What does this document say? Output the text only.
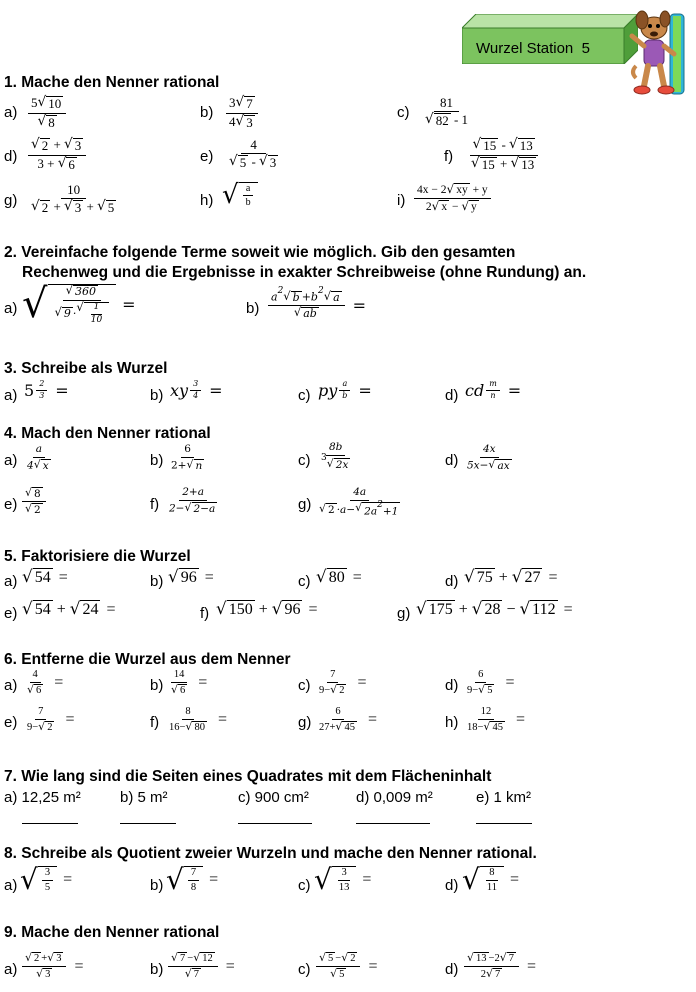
Wurzel Station  5
1. Mache den Nenner rational
$a) \frac{5 √ 10}{√ 8}$	$b) \frac{3 √ 7}{4 √ 3}$	$c) \frac{81}{√ 82 - 1}$
$d) \frac{√ 2 + √ 3}{3 + √ 6}$	$e) \frac{4}{√ 5 - √ 3}$	$f) \frac{√ 15 - √ 13}{√ 15 + √ 13}$
$g) \frac{10}{√ 2 + √ 3 + √ 5}$	h) √ $\frac{a}{b}$	$i) \frac{4x - 2 √ xy + y}{2 √ x - √ y}$
2. Vereinfache folgende Terme soweit wie möglich. Gib den gesamten
Rechenweg und die Ergebnisse in exakter Schreibweise (ohne Rundung) an.
a) √ $\frac{√ 360}{√ 9 \cdot √ \frac{1}{10}}$ =	$b) \frac{a^2 √ b +b^2 √ a}{√ ab}$ =
3. Schreibe als Wurzel
a) $5 \frac{2}{3}$ =	b) xy $\frac{3}{4}$ =	c) py $\frac{a}{b}$ =	d) cd $\frac{m}{n}$ =
4. Mach den Nenner rational
$a) \frac{a}{4 √ x}$	$b) \frac{6}{2+ √ n}$	$c) \frac{8b}{^3 √ 2x}$	$d) \frac{4x}{5x- √ ax}$
$e) \frac{√ 8}{√ 2}$	$f) \frac{2+a}{2- √ 2-a}$	$g) \frac{4a}{√ 2 \cdot a- √ 2a^2+1}$
5. Faktorisiere die Wurzel
a) √ 54 =	b) √ 96 =	c) √ 80 =	d) √ 75 + √ 27 =
e) √ 54 + √ 24 =	f) √ 150 + √ 96 =	g) √ 175 + √ 28 − √ 112 =
6. Entferne die Wurzel aus dem Nenner
$a) \frac{4}{√ 6}$ =	$b) \frac{14}{√ 6}$ =	$c) \frac{7}{9- √ 2}$ =	$d) \frac{6}{9- √ 5}$ =
$e) \frac{7}{9- √ 2}$ =	$f) \frac{8}{16- √ 80}$ =	$g) \frac{6}{27+ √ 45}$ =	$h) \frac{12}{18- √ 45}$ =
7. Wie lang sind die Seiten eines Quadrates mit dem Flächeninhalt
a) 12,25 m²	b) 5 m²	c) 900 cm²	d) 0,009 m²	e) 1 km²
8. Schreibe als Quotient zweier Wurzeln und mache den Nenner rational.
a) √ $\frac{3}{5}$ =	b) √ $\frac{7}{8}$ =	c) √ $\frac{3}{13}$ =	d) √ $\frac{8}{11}$ =
9. Mache den Nenner rational
$a) \frac{√ 2 + √ 3}{√ 3}$ =	$b) \frac{√ 7 - √ 12}{√ 7}$ =	$c) \frac{√ 5 - √ 2}{√ 5}$ =	$d) \frac{√ 13 -2 √ 7}{2 √ 7}$ =
